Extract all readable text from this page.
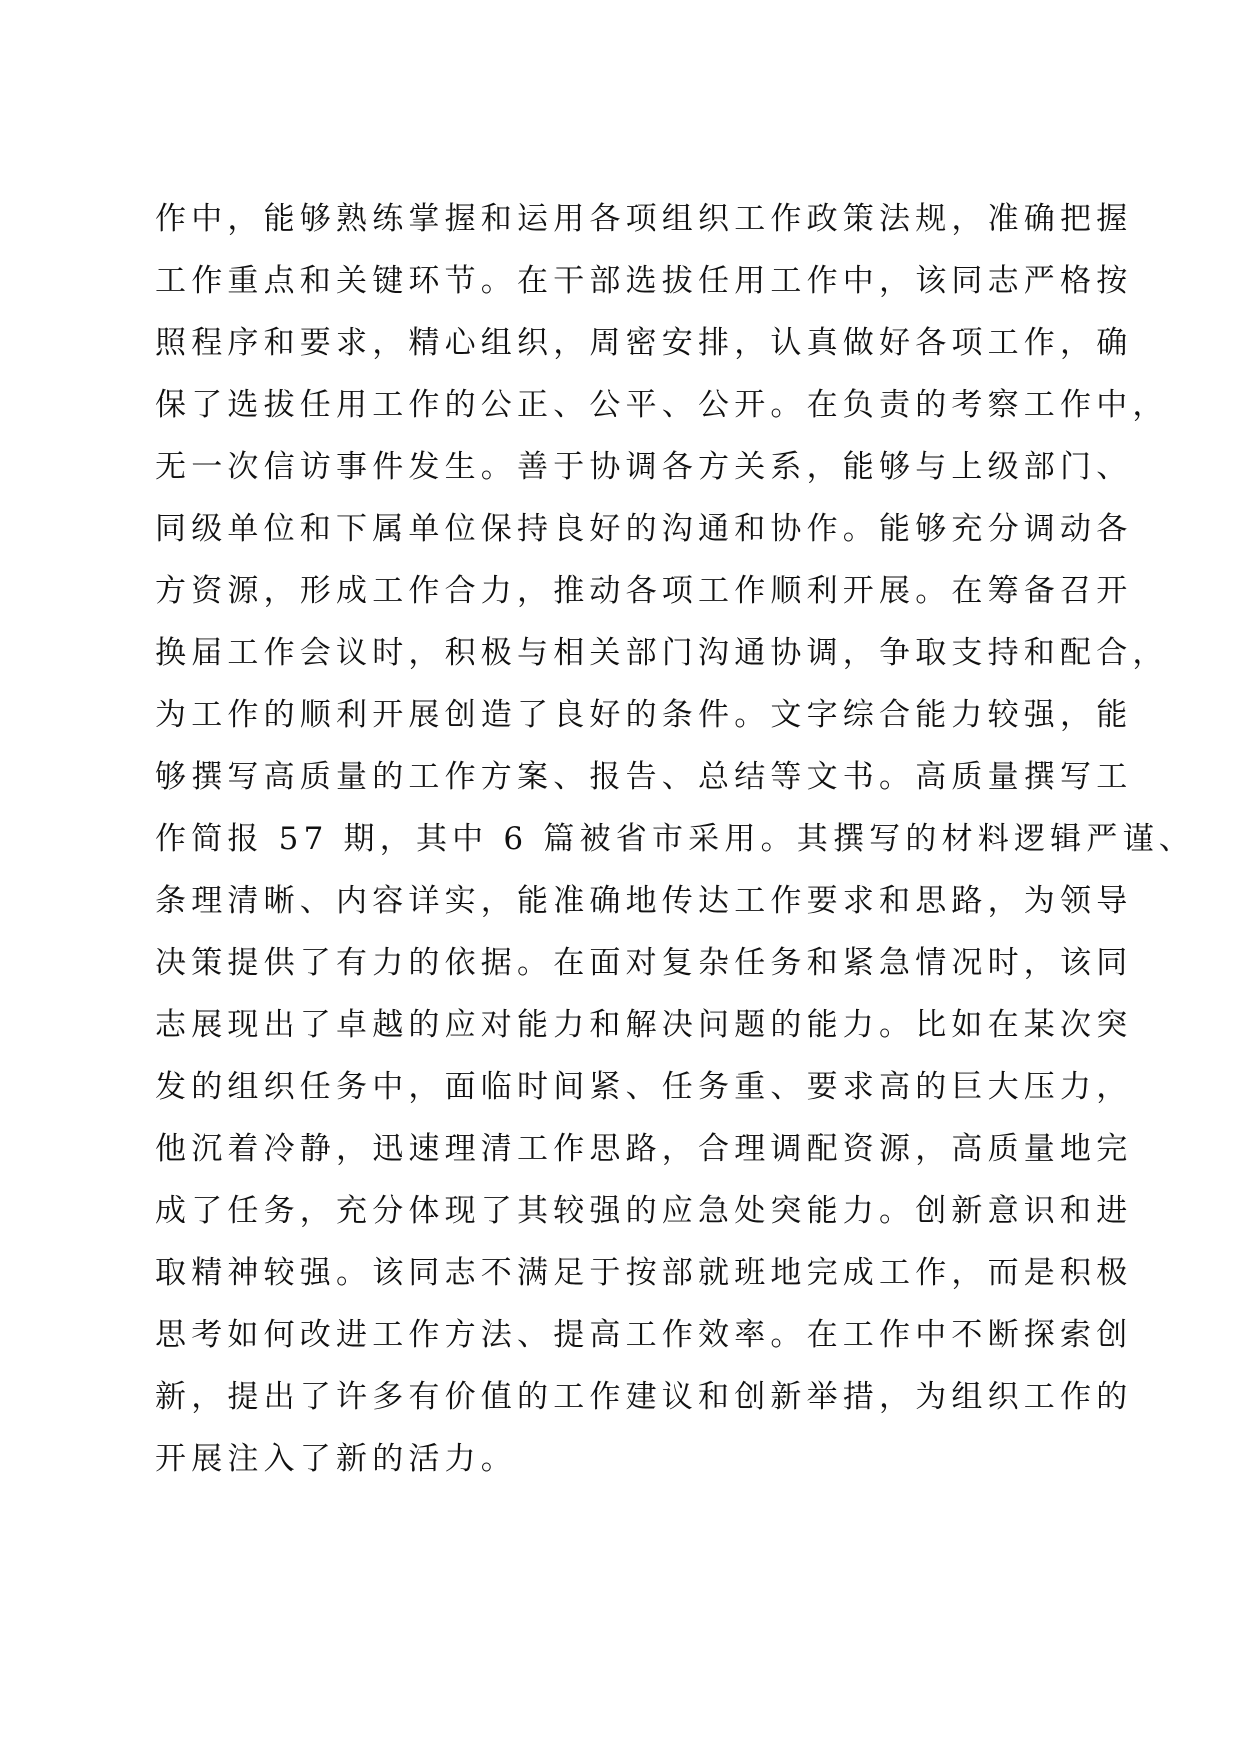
作中，能够熟练掌握和运用各项组织工作政策法规，准确把握
工作重点和关键环节。在干部选拔任用工作中，该同志严格按
照程序和要求，精心组织，周密安排，认真做好各项工作，确
保了选拔任用工作的公正、公平、公开。在负责的考察工作中，
无一次信访事件发生。善于协调各方关系，能够与上级部门、
同级单位和下属单位保持良好的沟通和协作。能够充分调动各
方资源，形成工作合力，推动各项工作顺利开展。在筹备召开
换届工作会议时，积极与相关部门沟通协调，争取支持和配合，
为工作的顺利开展创造了良好的条件。文字综合能力较强，能
够撰写高质量的工作方案、报告、总结等文书。高质量撰写工
作简报 57 期，其中 6 篇被省市采用。其撰写的材料逻辑严谨、
条理清晰、内容详实，能准确地传达工作要求和思路，为领导
决策提供了有力的依据。在面对复杂任务和紧急情况时，该同
志展现出了卓越的应对能力和解决问题的能力。比如在某次突
发的组织任务中，面临时间紧、任务重、要求高的巨大压力，
他沉着冷静，迅速理清工作思路，合理调配资源，高质量地完
成了任务，充分体现了其较强的应急处突能力。创新意识和进
取精神较强。该同志不满足于按部就班地完成工作，而是积极
思考如何改进工作方法、提高工作效率。在工作中不断探索创
新，提出了许多有价值的工作建议和创新举措，为组织工作的
开展注入了新的活力。
